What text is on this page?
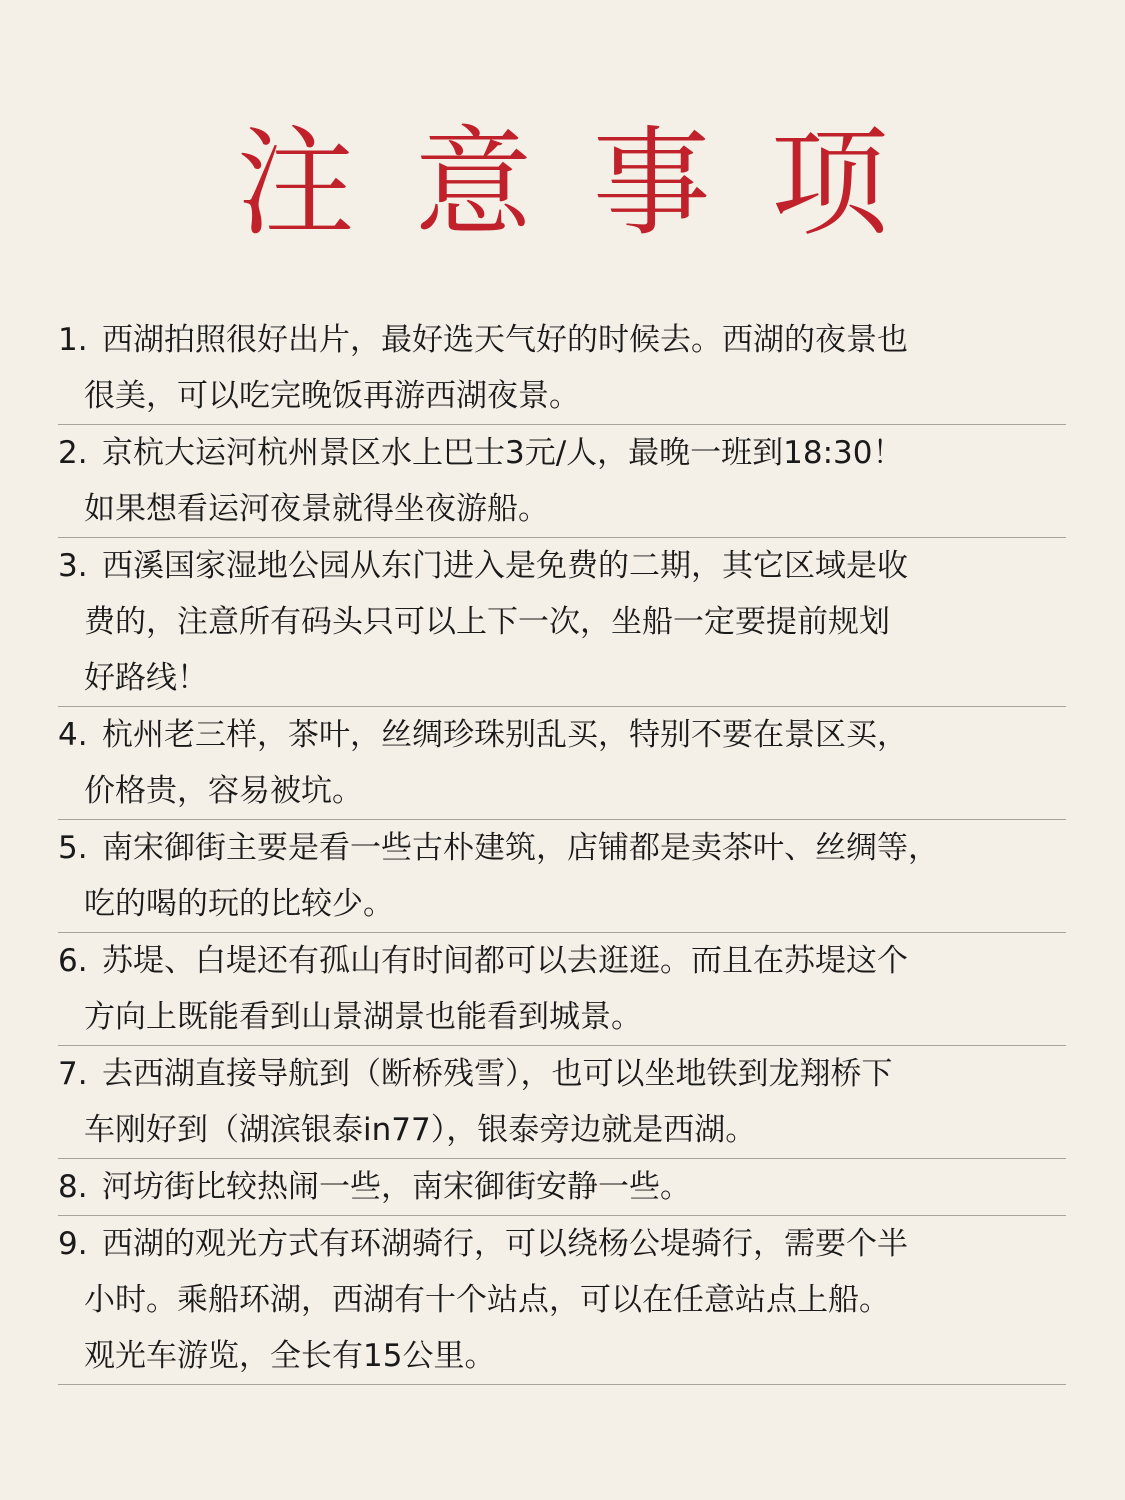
注意事项
1. 西湖拍照很好出片，最好选天气好的时候去。西湖的夜景也
很美，可以吃完晚饭再游西湖夜景。
2. 京杭大运河杭州景区水上巴士3元/人，最晚一班到18:30！
如果想看运河夜景就得坐夜游船。
3. 西溪国家湿地公园从东门进入是免费的二期，其它区域是收
费的，注意所有码头只可以上下一次，坐船一定要提前规划
好路线！
4. 杭州老三样，茶叶，丝绸珍珠别乱买，特别不要在景区买，
价格贵，容易被坑。
5. 南宋御街主要是看一些古朴建筑，店铺都是卖茶叶、丝绸等，
吃的喝的玩的比较少。
6. 苏堤、白堤还有孤山有时间都可以去逛逛。而且在苏堤这个
方向上既能看到山景湖景也能看到城景。
7. 去西湖直接导航到（断桥残雪），也可以坐地铁到龙翔桥下
车刚好到（湖滨银泰in77），银泰旁边就是西湖。
8. 河坊街比较热闹一些，南宋御街安静一些。
9. 西湖的观光方式有环湖骑行，可以绕杨公堤骑行，需要个半
小时。乘船环湖，西湖有十个站点，可以在任意站点上船。
观光车游览，全长有15公里。
